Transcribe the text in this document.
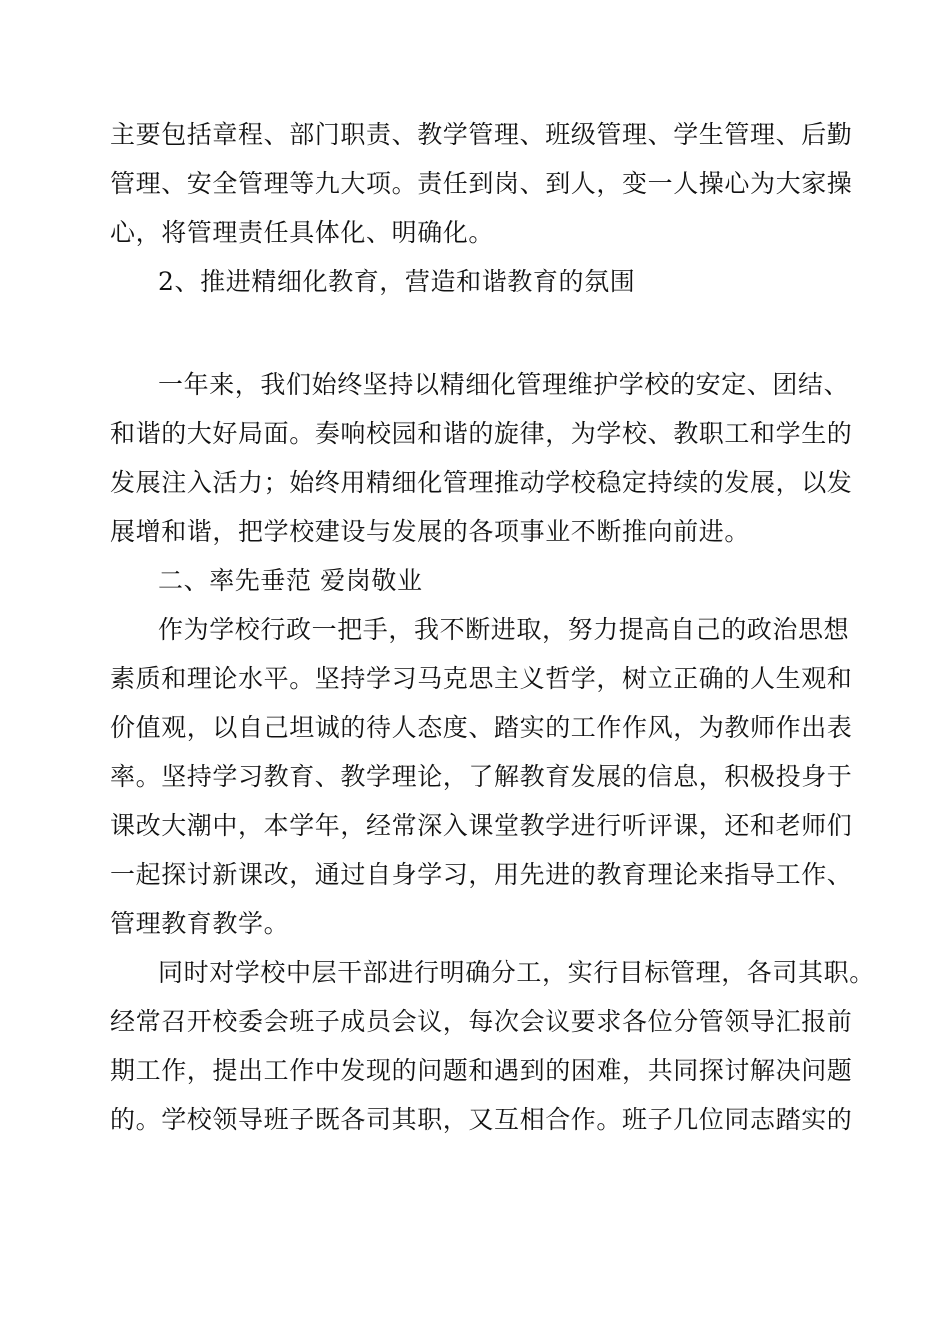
主要包括章程、部门职责、教学管理、班级管理、学生管理、后勤
管理、安全管理等九大项。责任到岗、到人，变一人操心为大家操
心，将管理责任具体化、明确化。
2、推进精细化教育，营造和谐教育的氛围
一年来，我们始终坚持以精细化管理维护学校的安定、团结、
和谐的大好局面。奏响校园和谐的旋律，为学校、教职工和学生的
发展注入活力；始终用精细化管理推动学校稳定持续的发展，以发
展增和谐，把学校建设与发展的各项事业不断推向前进。
二、率先垂范 爱岗敬业
作为学校行政一把手，我不断进取，努力提高自己的政治思想
素质和理论水平。坚持学习马克思主义哲学，树立正确的人生观和
价值观，以自己坦诚的待人态度、踏实的工作作风，为教师作出表
率。坚持学习教育、教学理论，了解教育发展的信息，积极投身于
课改大潮中，本学年，经常深入课堂教学进行听评课，还和老师们
一起探讨新课改，通过自身学习，用先进的教育理论来指导工作、
管理教育教学。
同时对学校中层干部进行明确分工，实行目标管理，各司其职。
经常召开校委会班子成员会议，每次会议要求各位分管领导汇报前
期工作，提出工作中发现的问题和遇到的困难，共同探讨解决问题
的。学校领导班子既各司其职，又互相合作。班子几位同志踏实的
